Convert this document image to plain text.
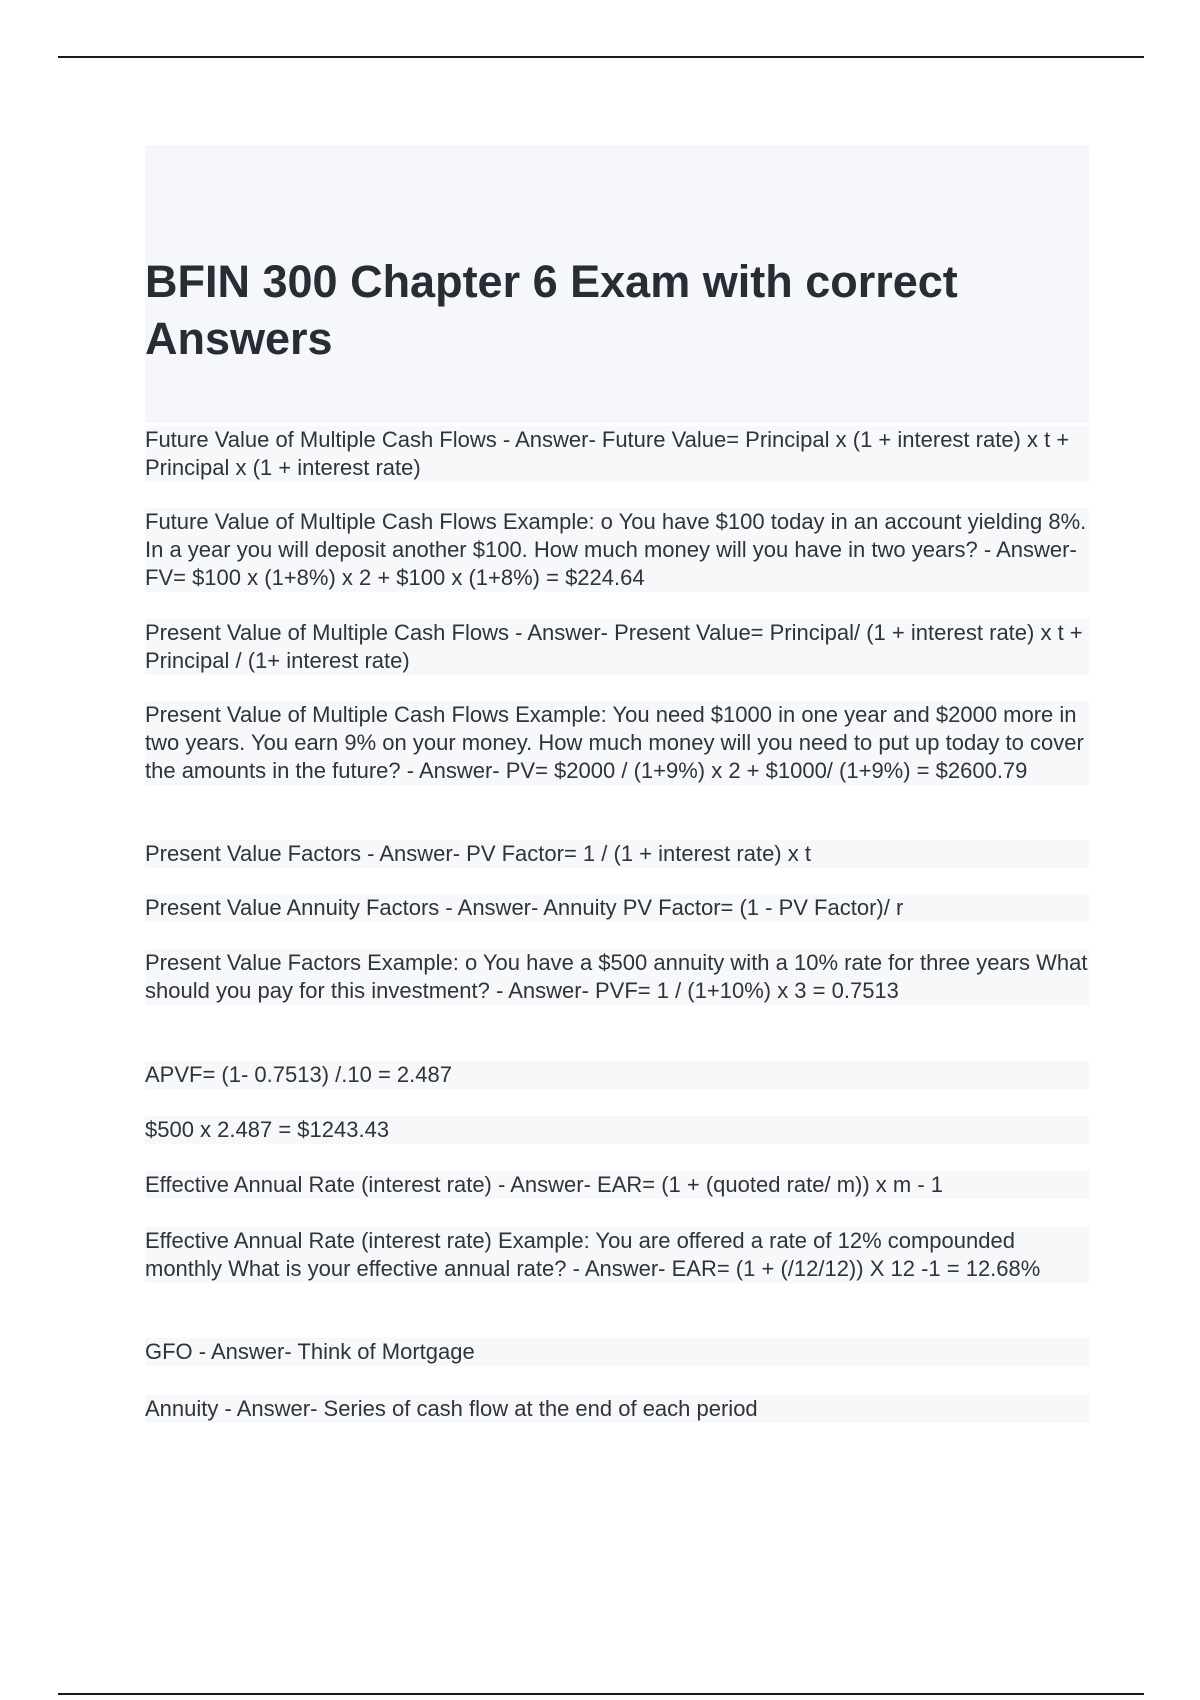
BFIN 300 Chapter 6 Exam with correct Answers

Future Value of Multiple Cash Flows - Answer- Future Value= Principal x (1 + interest rate) x t + Principal x (1 + interest rate)

Future Value of Multiple Cash Flows Example: o You have $100 today in an account yielding 8%. In a year you will deposit another $100. How much money will you have in two years? - Answer- FV= $100 x (1+8%) x 2 + $100 x (1+8%) = $224.64

Present Value of Multiple Cash Flows - Answer- Present Value= Principal/ (1 + interest rate) x t + Principal / (1+ interest rate)

Present Value of Multiple Cash Flows Example: You need $1000 in one year and $2000 more in two years. You earn 9% on your money. How much money will you need to put up today to cover the amounts in the future? - Answer- PV= $2000 / (1+9%) x 2 + $1000/ (1+9%) = $2600.79

Present Value Factors - Answer- PV Factor= 1 / (1 + interest rate) x t

Present Value Annuity Factors - Answer- Annuity PV Factor= (1 - PV Factor)/ r

Present Value Factors Example: o You have a $500 annuity with a 10% rate for three years What should you pay for this investment? - Answer- PVF= 1 / (1+10%) x 3 = 0.7513

APVF= (1- 0.7513) /.10 = 2.487

$500 x 2.487 = $1243.43

Effective Annual Rate (interest rate) - Answer- EAR= (1 + (quoted rate/ m)) x m - 1

Effective Annual Rate (interest rate) Example: You are offered a rate of 12% compounded monthly What is your effective annual rate? - Answer- EAR= (1 + (/12/12)) X 12 -1 = 12.68%

GFO - Answer- Think of Mortgage

Annuity - Answer- Series of cash flow at the end of each period
